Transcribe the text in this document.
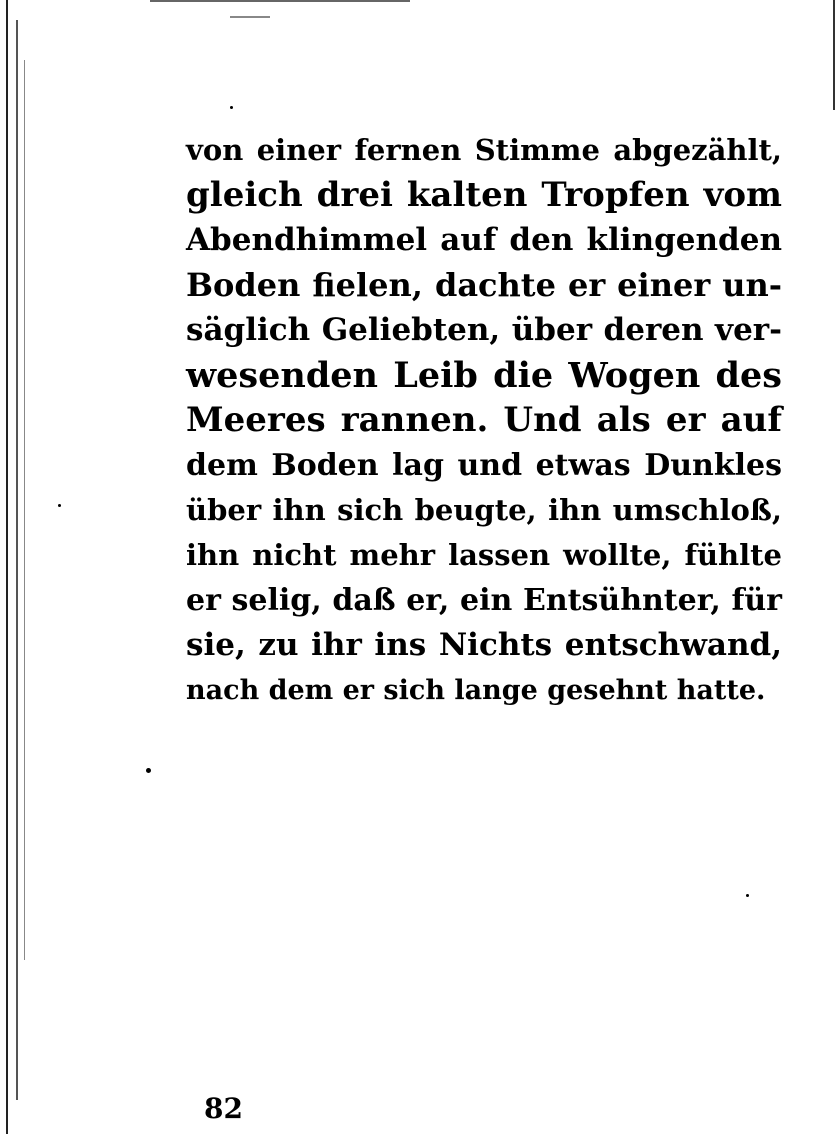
von einer fernen Stimme abgezählt,
gleich drei kalten Tropfen vom
Abendhimmel auf den klingenden
Boden fielen, dachte er einer un-
säglich Geliebten, über deren ver-
wesenden Leib die Wogen des
Meeres rannen. Und als er auf
dem Boden lag und etwas Dunkles
über ihn sich beugte, ihn umschloß,
ihn nicht mehr lassen wollte, fühlte
er selig, daß er, ein Entsühnter, für
sie, zu ihr ins Nichts entschwand,
nach dem er sich lange gesehnt hatte.
82
